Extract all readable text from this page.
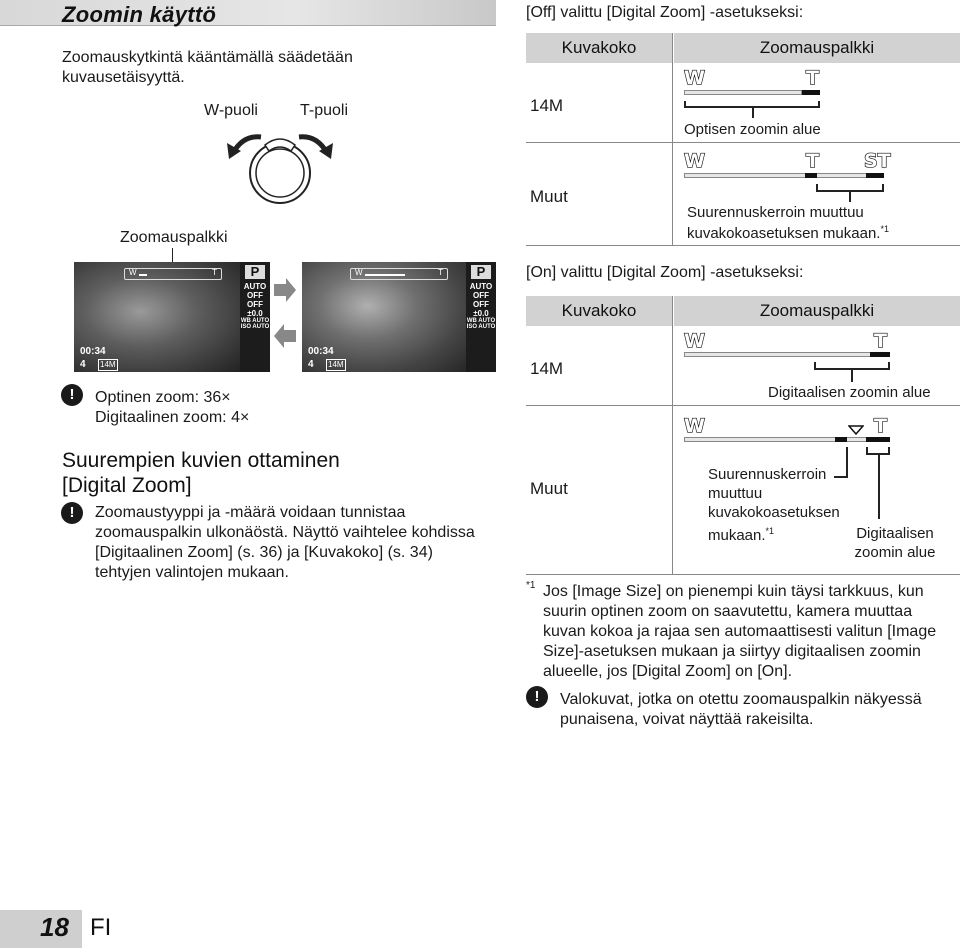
Zoomin käyttö
Zoomauskytkintä kääntämällä säädetään kuvausetäisyyttä.
W-puoli	T-puoli
Zoomauspalkki
W	T	P
AUTO
OFF
OFF
±0.0
WB AUTO
ISO AUTO
00:34
4 14M
W	T	P
AUTO
OFF
OFF
±0.0
WB AUTO
ISO AUTO
00:34
4 14M
!	Optinen zoom: 36×
Digitaalinen zoom: 4×
Suurempien kuvien ottaminen
[Digital Zoom]
!	Zoomaustyyppi ja -määrä voidaan tunnistaa
zoomauspalkin ulkonäöstä. Näyttö vaihtelee kohdissa
[Digitaalinen Zoom] (s. 36) ja [Kuvakoko] (s. 34)
tehtyjen valintojen mukaan.
[Off] valittu [Digital Zoom] -asetukseksi:
Kuvakoko	Zoomauspalkki
14M
W	T
Optisen zoomin alue
Muut
W	T ST
Suurennuskerroin muuttuu
kuvakokoasetuksen mukaan.$^{*1}$
[On] valittu [Digital Zoom] -asetukseksi:
Kuvakoko	Zoomauspalkki
14M
W	T
Digitaalisen zoomin alue
Muut
W	T
Suurennuskerroin
muuttuu
kuvakokoasetuksen
mukaan.$^{*1}$	Digitaalisen
zoomin alue
*1 Jos [Image Size] on pienempi kuin täysi tarkkuus, kun
suurin optinen zoom on saavutettu, kamera muuttaa
kuvan kokoa ja rajaa sen automaattisesti valitun [Image
Size]-asetuksen mukaan ja siirtyy digitaalisen zoomin
alueelle, jos [Digital Zoom] on [On].
!	Valokuvat, jotka on otettu zoomauspalkin näkyessä
punaisena, voivat näyttää rakeisilta.
18 FI
